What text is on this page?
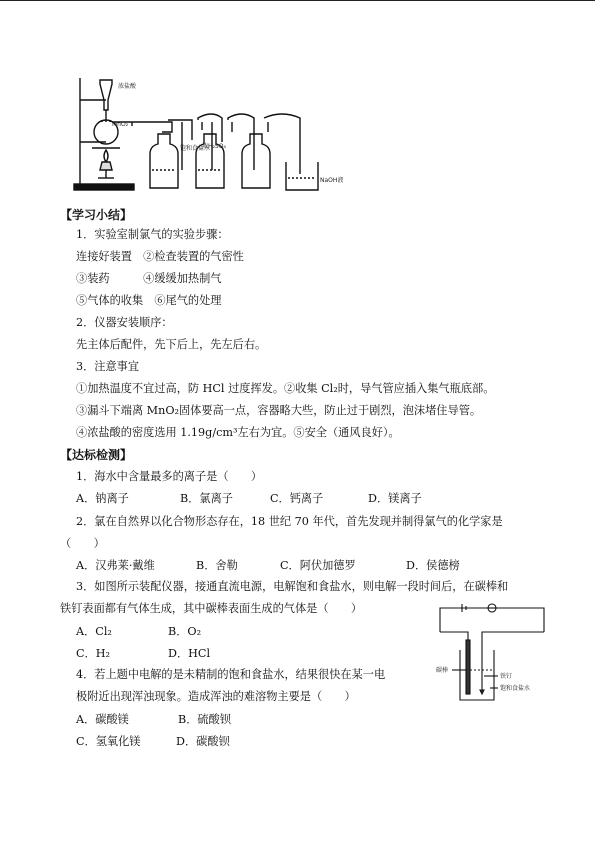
浓盐酸
MnO₂
饱和食盐水
浓H₂SO₄
NaOH液
【学习小结】
1．实验室制氯气的实验步骤：
连接好装置　②检查装置的气密性
③装药　　　④缓缓加热制气
⑤气体的收集　⑥尾气的处理
2．仪器安装顺序：
先主体后配件，先下后上，先左后右。
3．注意事宜
①加热温度不宜过高，防 HCl 过度挥发。②收集 Cl₂时，导气管应插入集气瓶底部。
③漏斗下端离 MnO₂固体要高一点，容器略大些，防止过于剧烈，泡沫堵住导管。
④浓盐酸的密度选用 1.19g/cm³左右为宜。⑤安全（通风良好）。
【达标检测】
1．海水中含量最多的离子是（　　）
A．钠离子	B．氯离子	C．钙离子	D．镁离子
2．氯在自然界以化合物形态存在，18 世纪 70 年代，首先发现并制得氯气的化学家是
（　　）
A．汉弗莱·戴维	B．舍勒	C．阿伏加德罗	D．侯德榜
3．如图所示装配仪器，接通直流电源，电解饱和食盐水，则电解一段时间后，在碳棒和
铁钉表面都有气体生成，其中碳棒表面生成的气体是（　　）
A．Cl₂	B．O₂
C．H₂	D．HCl
4．若上题中电解的是未精制的饱和食盐水，结果很快在某一电
极附近出现浑浊现象。造成浑浊的难溶物主要是（　　）
A．碳酸镁	B．硫酸钡
C．氢氧化镁	D．碳酸钡
碳棒
铁钉
饱和食盐水
